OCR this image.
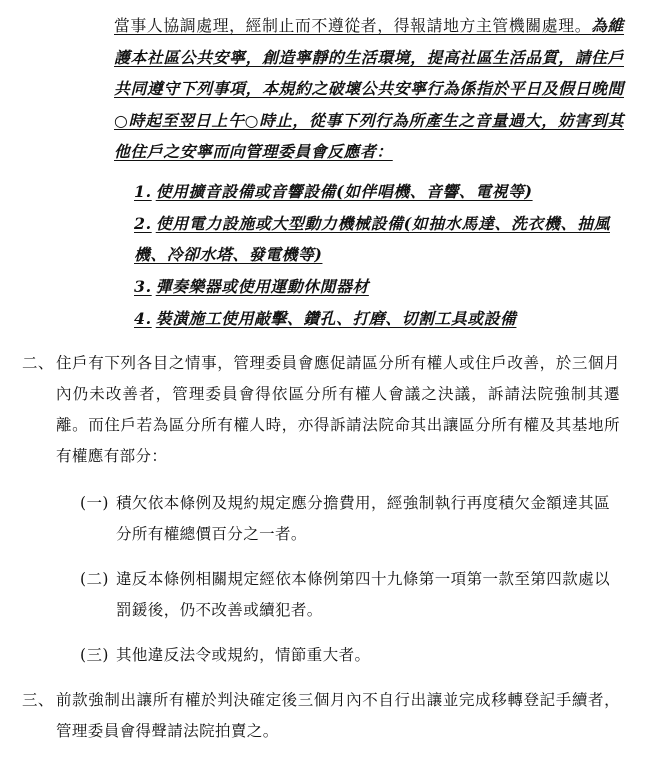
當事人協調處理，經制止而不遵從者，得報請地方主管機關處理。為維護本社區公共安寧，創造寧靜的生活環境，提高社區生活品質，請住戶共同遵守下列事項，本規約之破壞公共安寧行為係指於平日及假日晚間○時起至翌日上午○時止，從事下列行為所產生之音量過大，妨害到其他住戶之安寧而向管理委員會反應者：
1. 使用擴音設備或音響設備(如伴唱機、音響、電視等)
2. 使用電力設施或大型動力機械設備(如抽水馬達、洗衣機、抽風機、冷卻水塔、發電機等)
3. 彈奏樂器或使用運動休閒器材
4. 裝潢施工使用敲擊、鑽孔、打磨、切割工具或設備
二、 住戶有下列各目之情事，管理委員會應促請區分所有權人或住戶改善，於三個月內仍未改善者，管理委員會得依區分所有權人會議之決議，訴請法院強制其遷離。而住戶若為區分所有權人時，亦得訴請法院命其出讓區分所有權及其基地所有權應有部分：
(一) 積欠依本條例及規約規定應分擔費用，經強制執行再度積欠金額達其區分所有權總價百分之一者。
(二) 違反本條例相關規定經依本條例第四十九條第一項第一款至第四款處以罰鍰後，仍不改善或續犯者。
(三) 其他違反法令或規約，情節重大者。
三、 前款強制出讓所有權於判決確定後三個月內不自行出讓並完成移轉登記手續者，管理委員會得聲請法院拍賣之。
